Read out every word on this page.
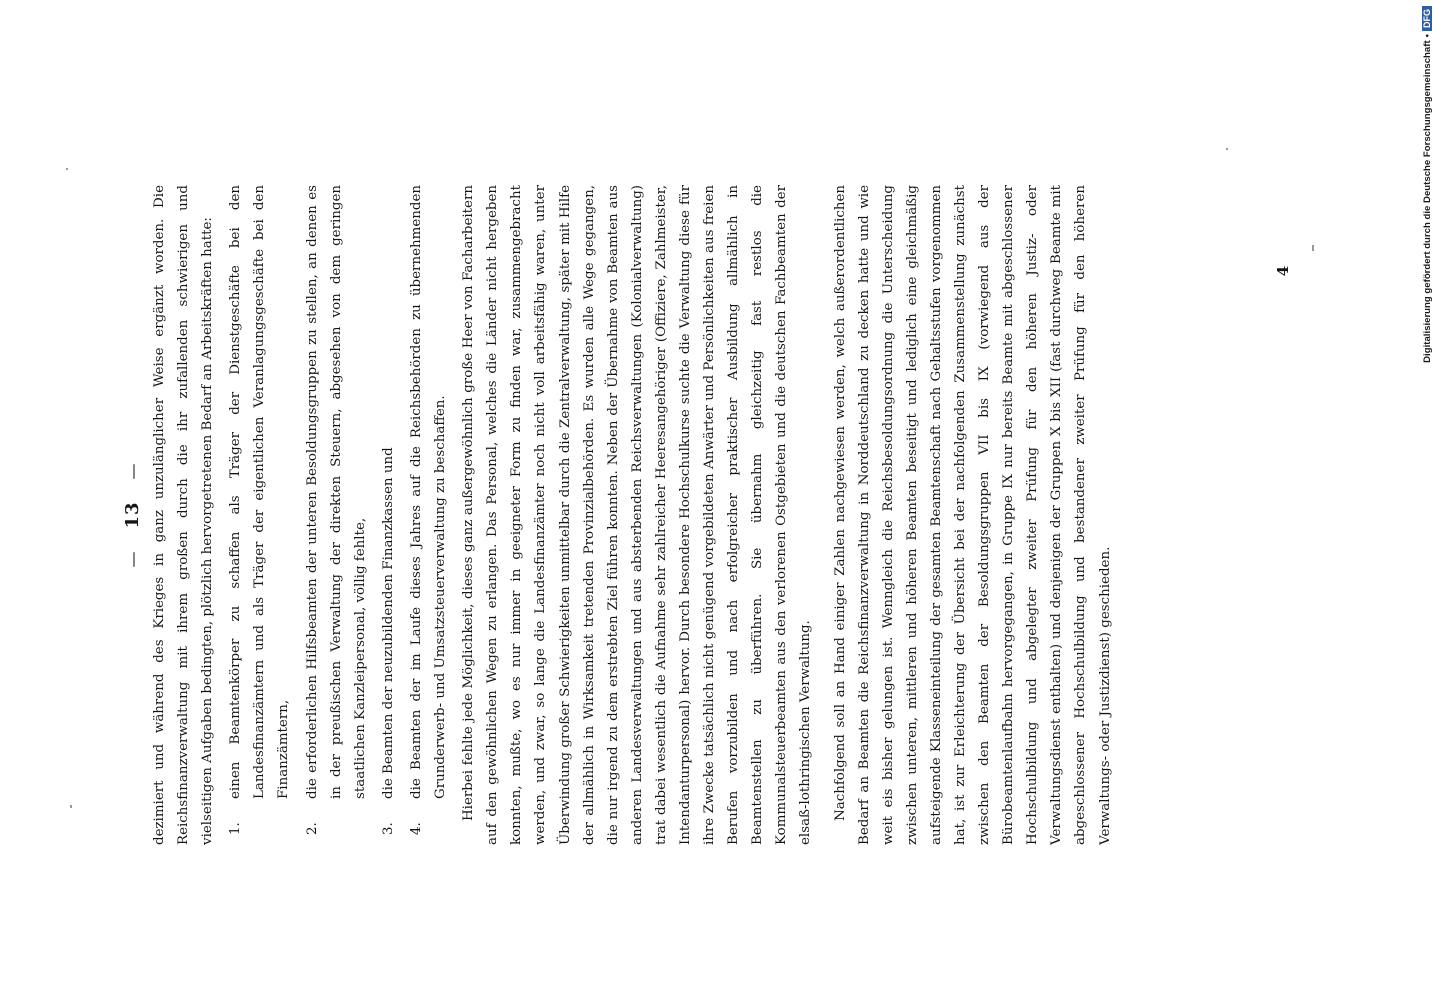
—
13
— dezimiert und während des Krieges in ganz unzulänglicher Weise ergänzt worden. Die Reichsfinanzverwaltung mit ihrem großen durch die ihr zufallenden schwierigen und vielseitigen Aufgaben bedingten, plötzlich hervorgetretenen Bedarf an Arbeitskräften hatte: 1.
einen Beamtenkörper zu schaffen als Träger der Dienstgeschäfte bei den Landesfinanzämtern und als Träger der eigentlichen Veranlagungsgeschäfte bei den Finanzämtern,
2.
die erforderlichen Hilfsbeamten der unteren Besoldungsgruppen zu stellen, an denen es in der preußischen Verwaltung der direkten Steuern, abgesehen von dem geringen staatlichen Kanzleipersonal, völlig fehlte,
3.
die Beamten der neuzubildenden Finanzkassen und
4.
die Beamten der im Laufe dieses Jahres auf die Reichsbehörden zu übernehmenden Grunderwerb- und Umsatzsteuerverwaltung zu beschaffen. Hierbei fehlte jede Möglichkeit, dieses ganz außergewöhnlich große Heer von Facharbeitern auf den gewöhnlichen Wegen zu erlangen. Das Personal, welches die Länder nicht hergeben konnten, mußte, wo es nur immer in geeigneter Form zu finden war, zusammengebracht werden, und zwar, so lange die Landesfinanzämter noch nicht voll arbeitsfähig waren, unter Überwindung großer Schwierigkeiten unmittelbar durch die Zentralverwaltung, später mit Hilfe der allmählich in Wirksamkeit tretenden Provinzialbehörden. Es wurden alle Wege gegangen, die nur irgend zu dem erstrebten Ziel führen konnten. Neben der Übernahme von Beamten aus anderen Landesverwaltungen und aus absterbenden Reichsverwaltungen (Kolonialverwaltung) trat dabei wesentlich die Aufnahme sehr zahlreicher Heeresangehöriger (Offiziere, Zahlmeister, Intendanturpersonal) hervor. Durch besondere Hochschulkurse suchte die Verwaltung diese für ihre Zwecke tatsächlich nicht genügend vorgebildeten Anwärter und Persönlichkeiten aus freien Berufen vorzubilden und nach erfolgreicher praktischer Ausbildung allmählich in Beamtenstellen zu überführen. Sie übernahm gleichzeitig fast restlos die Kommunalsteuerbeamten aus den verlorenen Ostgebieten und die deutschen Fachbeamten der elsaß-lothringischen Verwaltung.	Nachfolgend soll an Hand einiger Zahlen nachgewiesen werden, welch außerordentlichen Bedarf an Beamten die Reichsfinanzverwaltung in Norddeutschland zu decken hatte und wie weit eis bisher gelungen ist. Wenngleich die Reichsbesoldungsordnung die Unterscheidung zwischen unteren, mittleren und höheren Beamten beseitigt und lediglich eine gleichmäßig aufsteigende Klasseneinteilung der gesamten Beamtenschaft nach Gehaltsstufen vorgenommen hat, ist zur Erleichterung der Übersicht bei der nachfolgenden Zusammenstellung zunächst zwischen den Beamten der Besoldungsgruppen VII bis IX (vorwiegend aus der Bürobeamtenlaufbahn hervorgegangen, in Gruppe IX nur bereits Beamte mit abgeschlossener Hochschulbildung und abgelegter zweiter Prüfung für den höheren Justiz- oder Verwaltungsdienst enthalten) und denjenigen der Gruppen X bis XII (fast durchweg Beamte mit abgeschlossener Hochschulbildung und bestandener zweiter Prüfung für den höheren Verwaltungs- oder Justizdienst) geschieden.

4	Digitalisierung gefördert durch die Deutsche Forschungsgemeinschaft
•
DFG
